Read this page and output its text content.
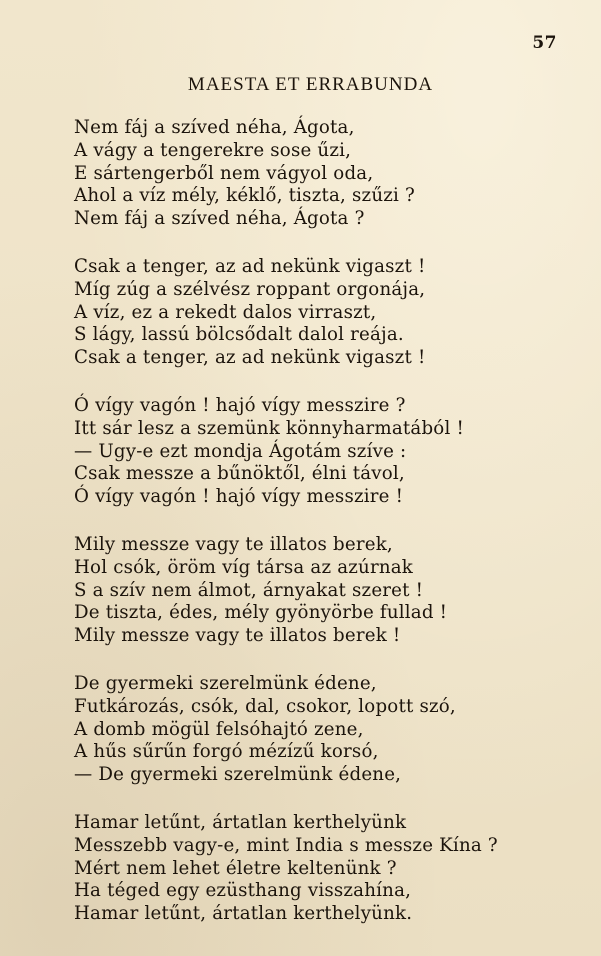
57
MAESTA ET ERRABUNDA
Nem fáj a szíved néha, Ágota,
A vágy a tengerekre sose űzi,
E sártengerből nem vágyol oda,
Ahol a víz mély, kéklő, tiszta, szűzi ?
Nem fáj a szíved néha, Ágota ?
Csak a tenger, az ad nekünk vigaszt !
Míg zúg a szélvész roppant orgonája,
A víz, ez a rekedt dalos virraszt,
S lágy, lassú bölcsődalt dalol reája.
Csak a tenger, az ad nekünk vigaszt !
Ó vígy vagón ! hajó vígy messzire ?
Itt sár lesz a szemünk könnyharmatából !
— Ugy-e ezt mondja Ágotám szíve :
Csak messze a bűnöktől, élni távol,
Ó vígy vagón ! hajó vígy messzire !
Mily messze vagy te illatos berek,
Hol csók, öröm víg társa az azúrnak
S a szív nem álmot, árnyakat szeret !
De tiszta, édes, mély gyönyörbe fullad !
Mily messze vagy te illatos berek !
De gyermeki szerelmünk édene,
Futkározás, csók, dal, csokor, lopott szó,
A domb mögül felsóhajtó zene,
A hűs sűrűn forgó mézízű korsó,
— De gyermeki szerelmünk édene,
Hamar letűnt, ártatlan kerthelyünk
Messzebb vagy-e, mint India s messze Kína ?
Mért nem lehet életre keltenünk ?
Ha téged egy ezüsthang visszahína,
Hamar letűnt, ártatlan kerthelyünk.
